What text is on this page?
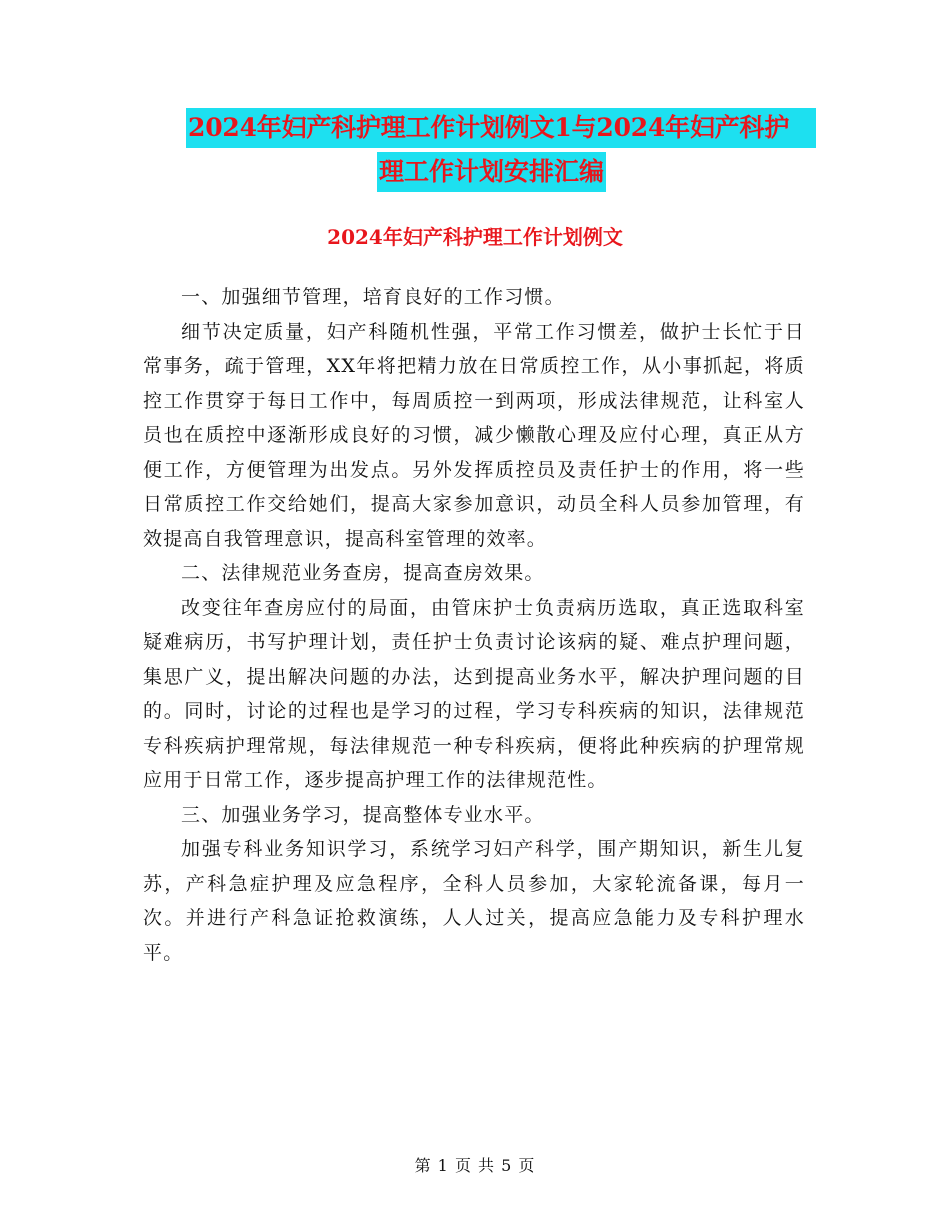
2024年妇产科护理工作计划例文1与2024年妇产科护
理工作计划安排汇编
2024年妇产科护理工作计划例文

一、加强细节管理，培育良好的工作习惯。

细节决定质量，妇产科随机性强，平常工作习惯差，做护士长忙于日常事务，疏于管理，XX年将把精力放在日常质控工作，从小事抓起，将质控工作贯穿于每日工作中，每周质控一到两项，形成法律规范，让科室人员也在质控中逐渐形成良好的习惯，减少懒散心理及应付心理，真正从方便工作，方便管理为出发点。另外发挥质控员及责任护士的作用，将一些日常质控工作交给她们，提高大家参加意识，动员全科人员参加管理，有效提高自我管理意识，提高科室管理的效率。

二、法律规范业务查房，提高查房效果。

改变往年查房应付的局面，由管床护士负责病历选取，真正选取科室疑难病历，书写护理计划，责任护士负责讨论该病的疑、难点护理问题，集思广义，提出解决问题的办法，达到提高业务水平，解决护理问题的目的。同时，讨论的过程也是学习的过程，学习专科疾病的知识，法律规范专科疾病护理常规，每法律规范一种专科疾病，便将此种疾病的护理常规应用于日常工作，逐步提高护理工作的法律规范性。

三、加强业务学习，提高整体专业水平。

加强专科业务知识学习，系统学习妇产科学，围产期知识，新生儿复苏，产科急症护理及应急程序，全科人员参加，大家轮流备课，每月一次。并进行产科急证抢救演练，人人过关，提高应急能力及专科护理水平。

第 1 页 共 5 页
